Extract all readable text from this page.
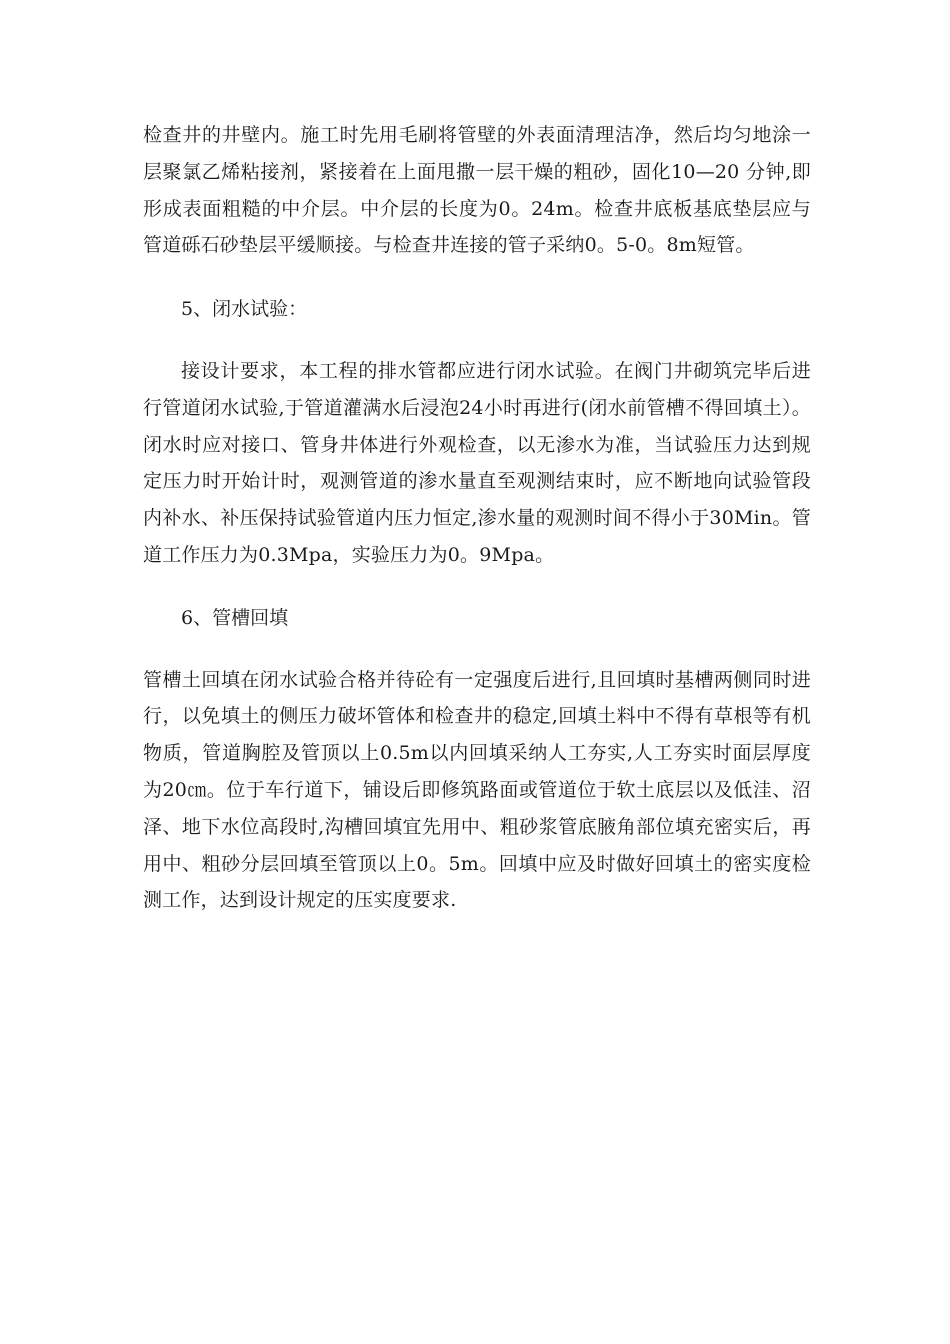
检查井的井壁内。施工时先用毛刷将管壁的外表面清理洁净，然后均匀地涂一层聚氯乙烯粘接剂，紧接着在上面甩撒一层干燥的粗砂，固化10—20 分钟,即形成表面粗糙的中介层。中介层的长度为0。24m。检查井底板基底垫层应与管道砾石砂垫层平缓顺接。与检查井连接的管子采纳0。5-0。8m短管。

5、闭水试验：

接设计要求，本工程的排水管都应进行闭水试验。在阀门井砌筑完毕后进行管道闭水试验,于管道灌满水后浸泡24小时再进行(闭水前管槽不得回填土）。闭水时应对接口、管身井体进行外观检查，以无渗水为准，当试验压力达到规定压力时开始计时，观测管道的渗水量直至观测结束时，应不断地向试验管段内补水、补压保持试验管道内压力恒定,渗水量的观测时间不得小于30Min。管道工作压力为0.3Mpa，实验压力为0。9Mpa。

6、管槽回填

管槽土回填在闭水试验合格并待砼有一定强度后进行,且回填时基槽两侧同时进行，以免填土的侧压力破坏管体和检查井的稳定,回填土料中不得有草根等有机物质，管道胸腔及管顶以上0.5m以内回填采纳人工夯实,人工夯实时面层厚度为20㎝。位于车行道下，铺设后即修筑路面或管道位于软土底层以及低洼、沼泽、地下水位高段时,沟槽回填宜先用中、粗砂浆管底腋角部位填充密实后，再用中、粗砂分层回填至管顶以上0。5m。回填中应及时做好回填土的密实度检测工作，达到设计规定的压实度要求.
